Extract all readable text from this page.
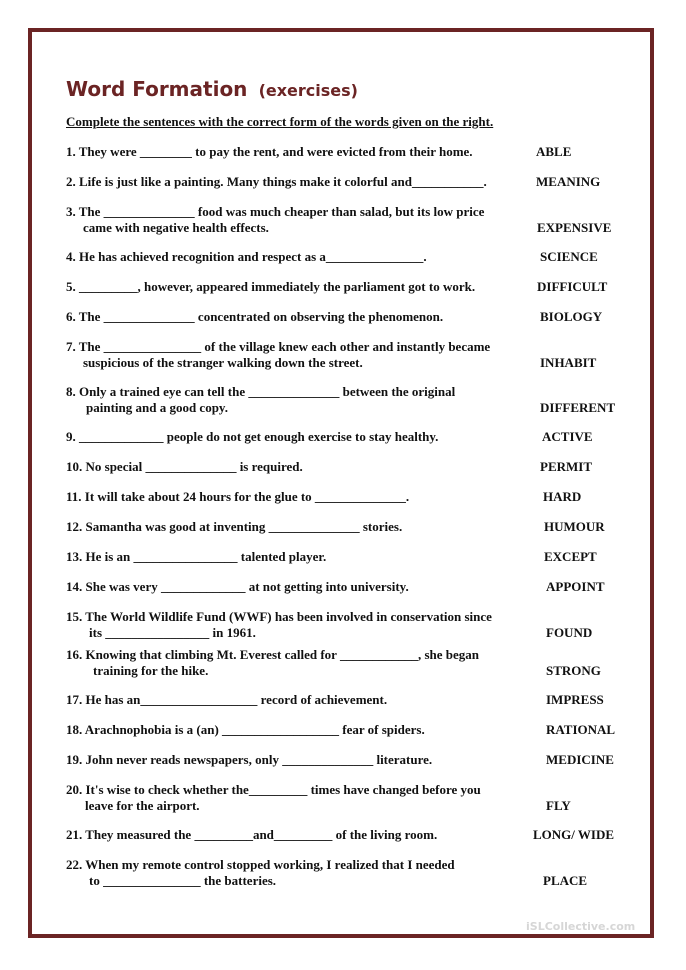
Word Formation (exercises)

Complete the sentences with the correct form of the words given on the right.

1. They were ________ to pay the rent, and were evicted from their home.	ABLE
2. Life is just like a painting. Many things make it colorful and___________.	MEANING
3. The ______________ food was much cheaper than salad, but its low price
came with negative health effects.	EXPENSIVE
4. He has achieved recognition and respect as a_______________.	SCIENCE
5. _________, however, appeared immediately the parliament got to work.	DIFFICULT
6. The ______________ concentrated on observing the phenomenon.	BIOLOGY
7. The _______________ of the village knew each other and instantly became
suspicious of the stranger walking down the street.	INHABIT
8. Only a trained eye can tell the ______________ between the original
painting and a good copy.	DIFFERENT
9. _____________ people do not get enough exercise to stay healthy.	ACTIVE
10. No special ______________ is required.	PERMIT
11. It will take about 24 hours for the glue to ______________.	HARD
12. Samantha was good at inventing ______________ stories.	HUMOUR
13. He is an ________________ talented player.	EXCEPT
14. She was very _____________ at not getting into university.	APPOINT
15. The World Wildlife Fund (WWF) has been involved in conservation since
its ________________ in 1961.	FOUND
16. Knowing that climbing Mt. Everest called for ____________, she began
training for the hike.	STRONG
17. He has an__________________ record of achievement.	IMPRESS
18. Arachnophobia is a (an) __________________ fear of spiders.	RATIONAL
19. John never reads newspapers, only ______________ literature.	MEDICINE
20. It's wise to check whether the_________ times have changed before you
leave for the airport.	FLY
21. They measured the _________and_________ of the living room.	LONG/ WIDE
22. When my remote control stopped working, I realized that I needed
to _______________ the batteries.	PLACE
iSLCollective.com
